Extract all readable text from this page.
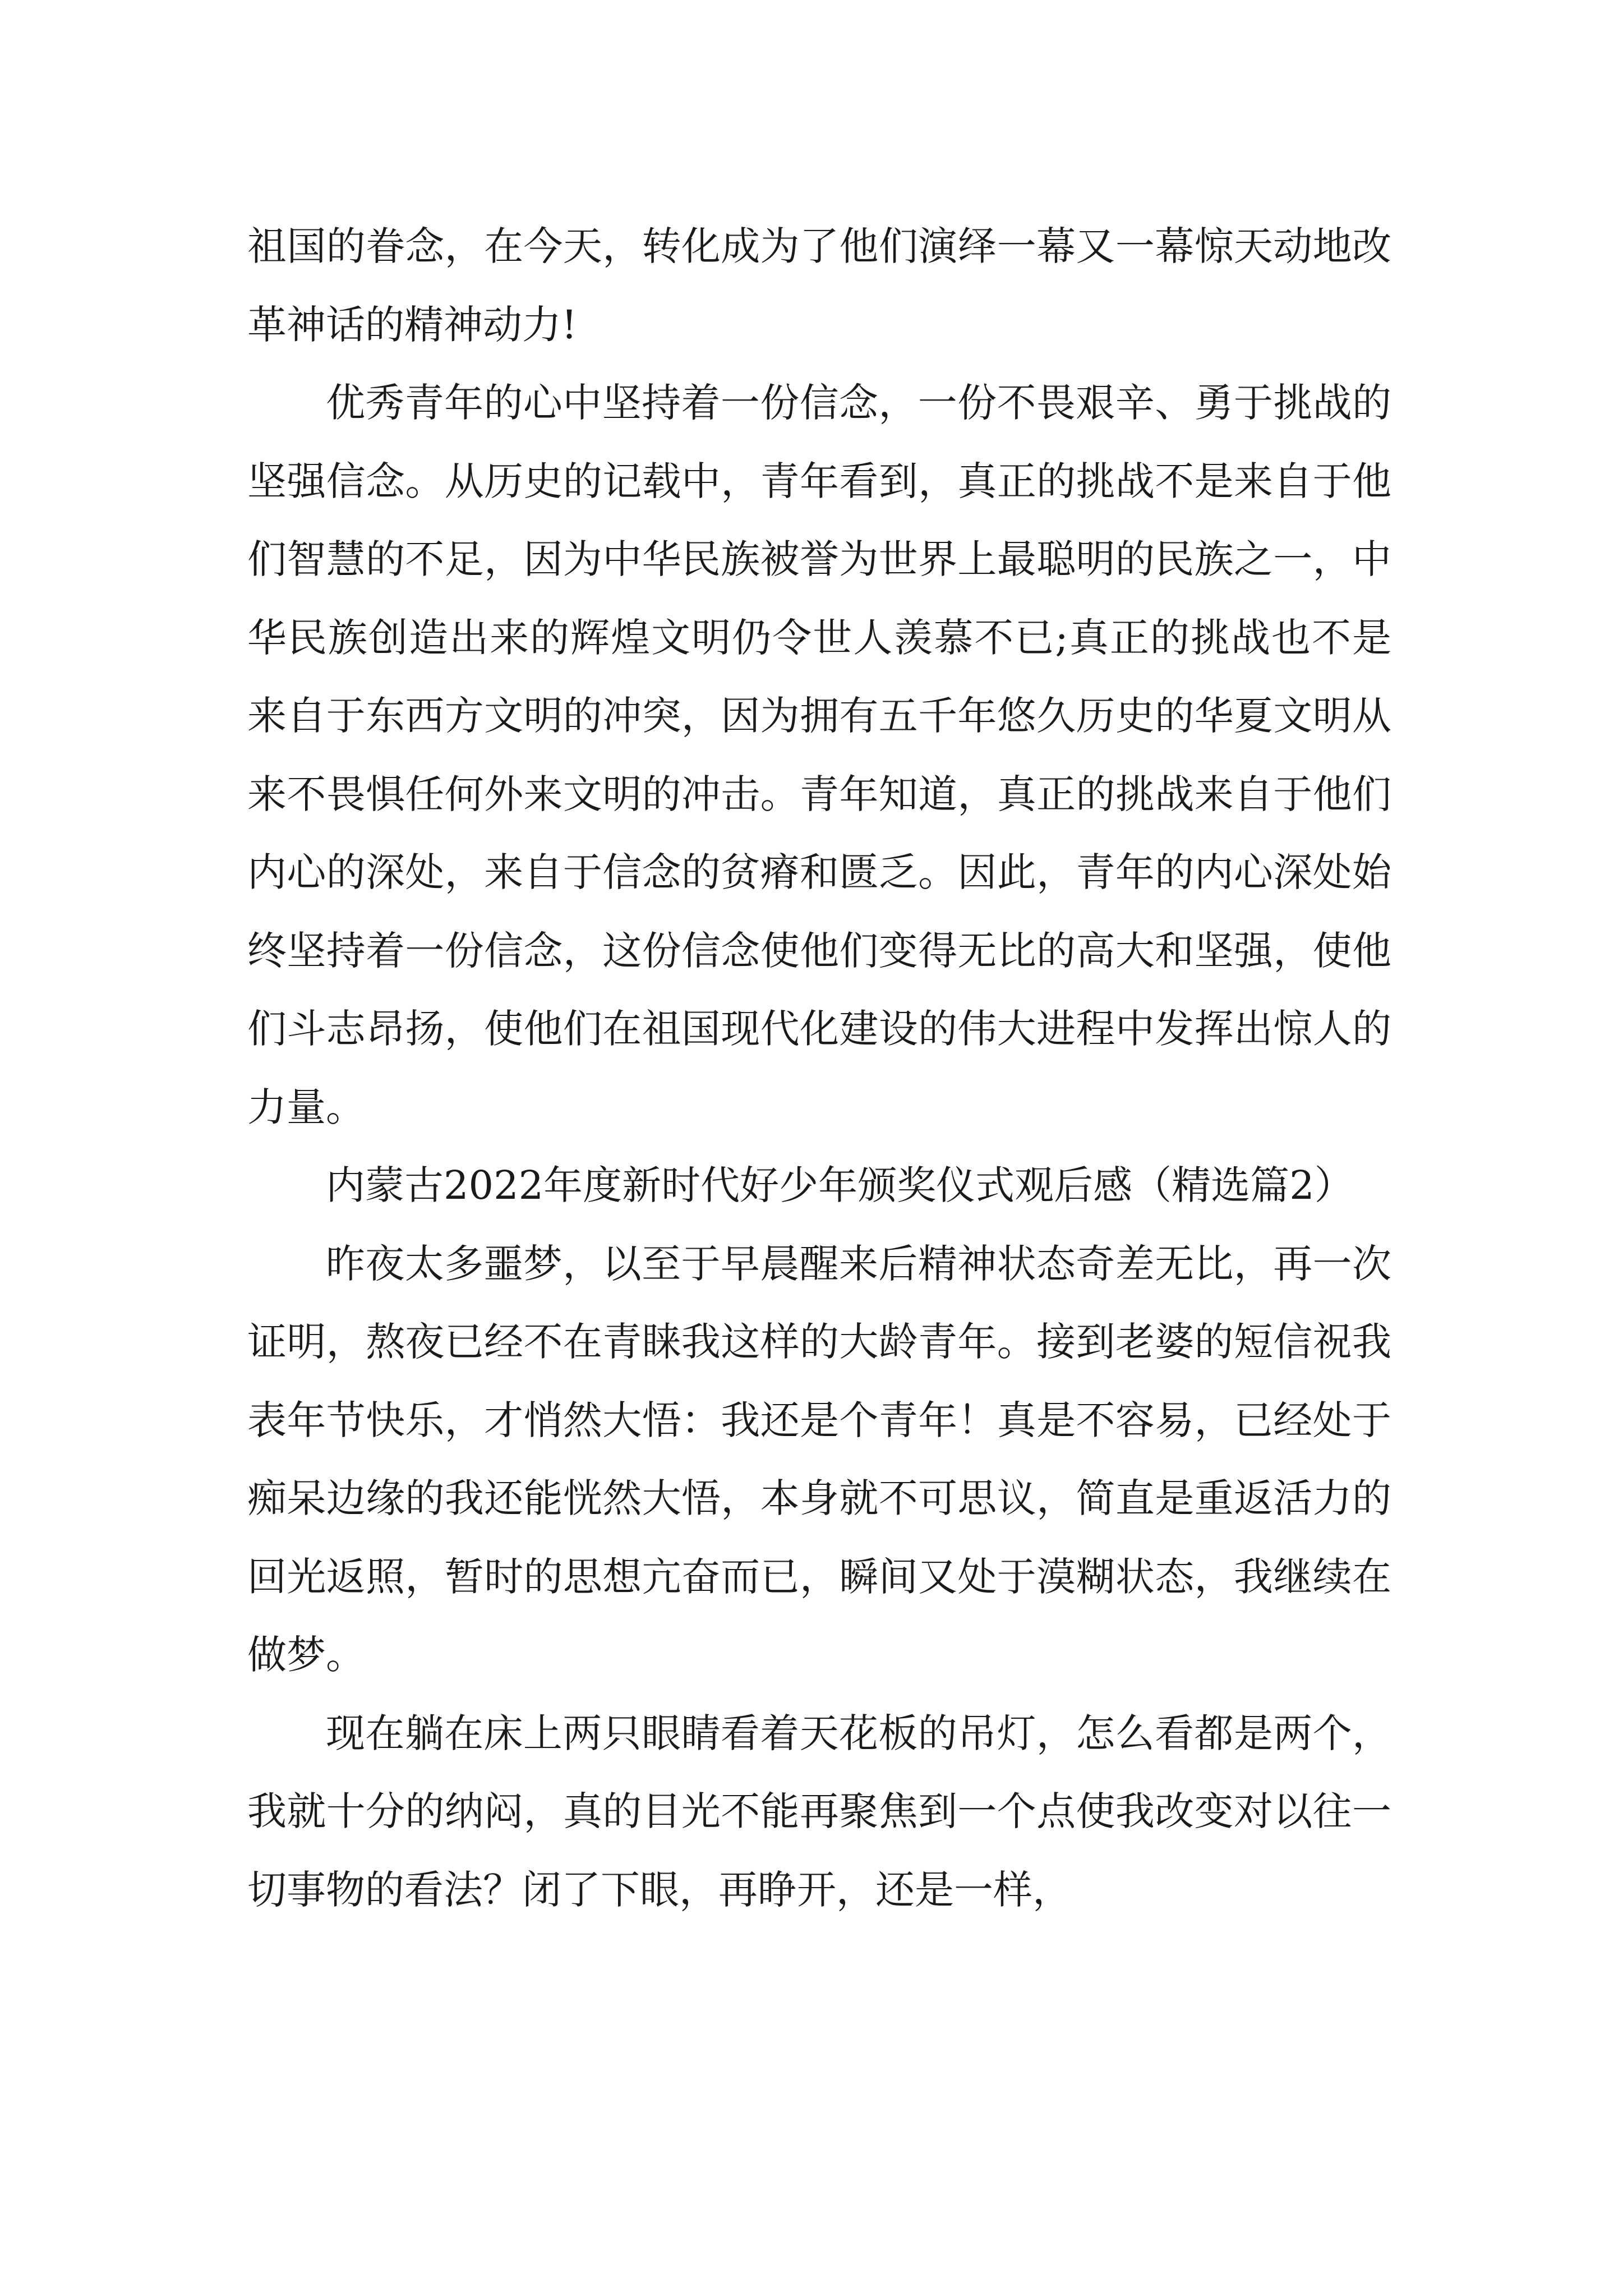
祖国的眷念，在今天，转化成为了他们演绎一幕又一幕惊天动地改革神话的精神动力!

优秀青年的心中坚持着一份信念，一份不畏艰辛、勇于挑战的坚强信念。从历史的记载中，青年看到，真正的挑战不是来自于他们智慧的不足，因为中华民族被誉为世界上最聪明的民族之一，中华民族创造出来的辉煌文明仍令世人羡慕不已;真正的挑战也不是来自于东西方文明的冲突，因为拥有五千年悠久历史的华夏文明从来不畏惧任何外来文明的冲击。青年知道，真正的挑战来自于他们内心的深处，来自于信念的贫瘠和匮乏。因此，青年的内心深处始终坚持着一份信念，这份信念使他们变得无比的高大和坚强，使他们斗志昂扬，使他们在祖国现代化建设的伟大进程中发挥出惊人的力量。

内蒙古2022年度新时代好少年颁奖仪式观后感（精选篇2）

昨夜太多噩梦，以至于早晨醒来后精神状态奇差无比，再一次证明，熬夜已经不在青睐我这样的大龄青年。接到老婆的短信祝我表年节快乐，才悄然大悟：我还是个青年！真是不容易，已经处于痴呆边缘的我还能恍然大悟，本身就不可思议，简直是重返活力的回光返照，暂时的思想亢奋而已，瞬间又处于漠糊状态，我继续在做梦。

现在躺在床上两只眼睛看着天花板的吊灯，怎么看都是两个，我就十分的纳闷，真的目光不能再聚焦到一个点使我改变对以往一切事物的看法？闭了下眼，再睁开，还是一样，
